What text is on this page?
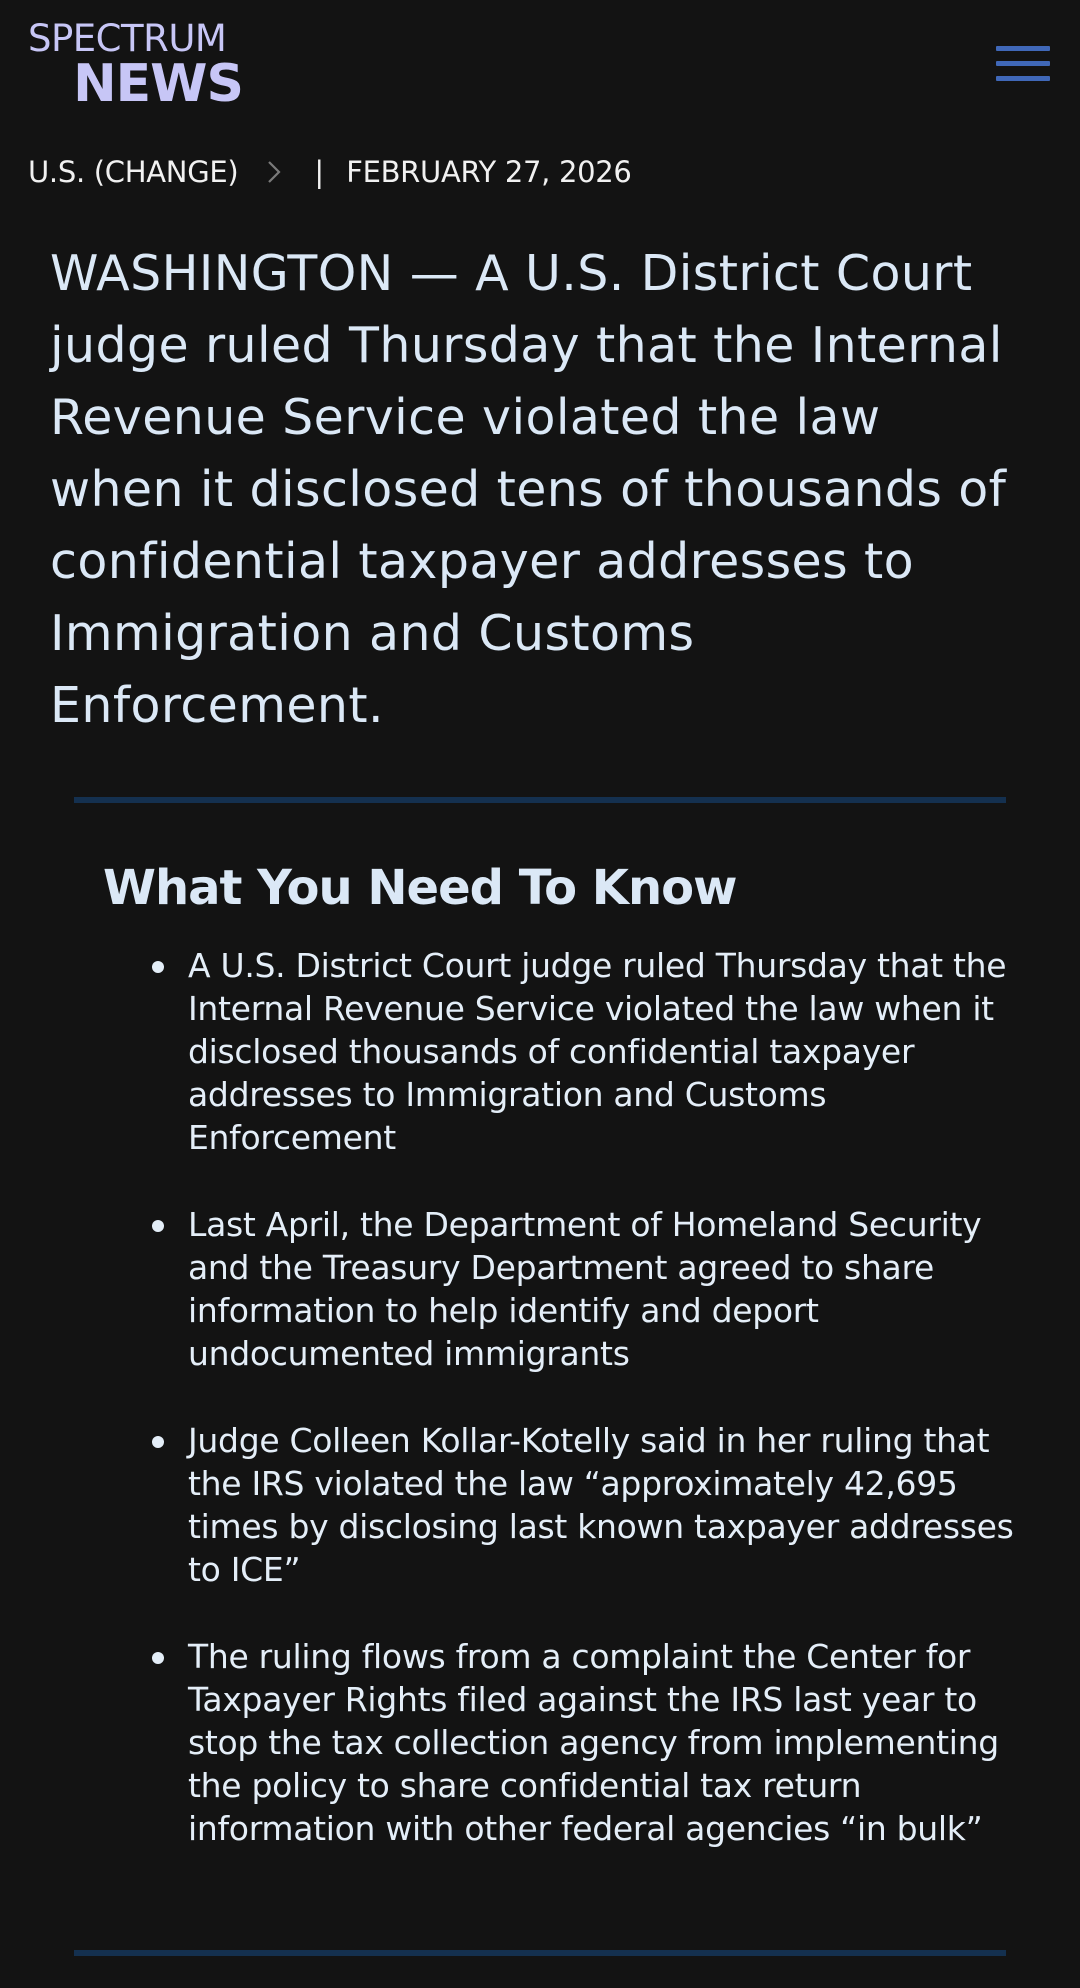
SPECTRUM
NEWS
U.S. (CHANGE)	| FEBRUARY 27, 2026

WASHINGTON — A U.S. District Court judge ruled Thursday that the Internal Revenue Service violated the law when it disclosed tens of thousands of confidential taxpayer addresses to Immigration and Customs Enforcement.

What You Need To Know
A U.S. District Court judge ruled Thursday that the Internal Revenue Service violated the law when it disclosed thousands of confidential taxpayer addresses to Immigration and Customs Enforcement
Last April, the Department of Homeland Security and the Treasury Department agreed to share information to help identify and deport undocumented immigrants
Judge Colleen Kollar-Kotelly said in her ruling that the IRS violated the law “approximately 42,695 times by disclosing last known taxpayer addresses to ICE”
The ruling flows from a complaint the Center for Taxpayer Rights filed against the IRS last year to stop the tax collection agency from implementing the policy to share confidential tax return information with other federal agencies “in bulk”
